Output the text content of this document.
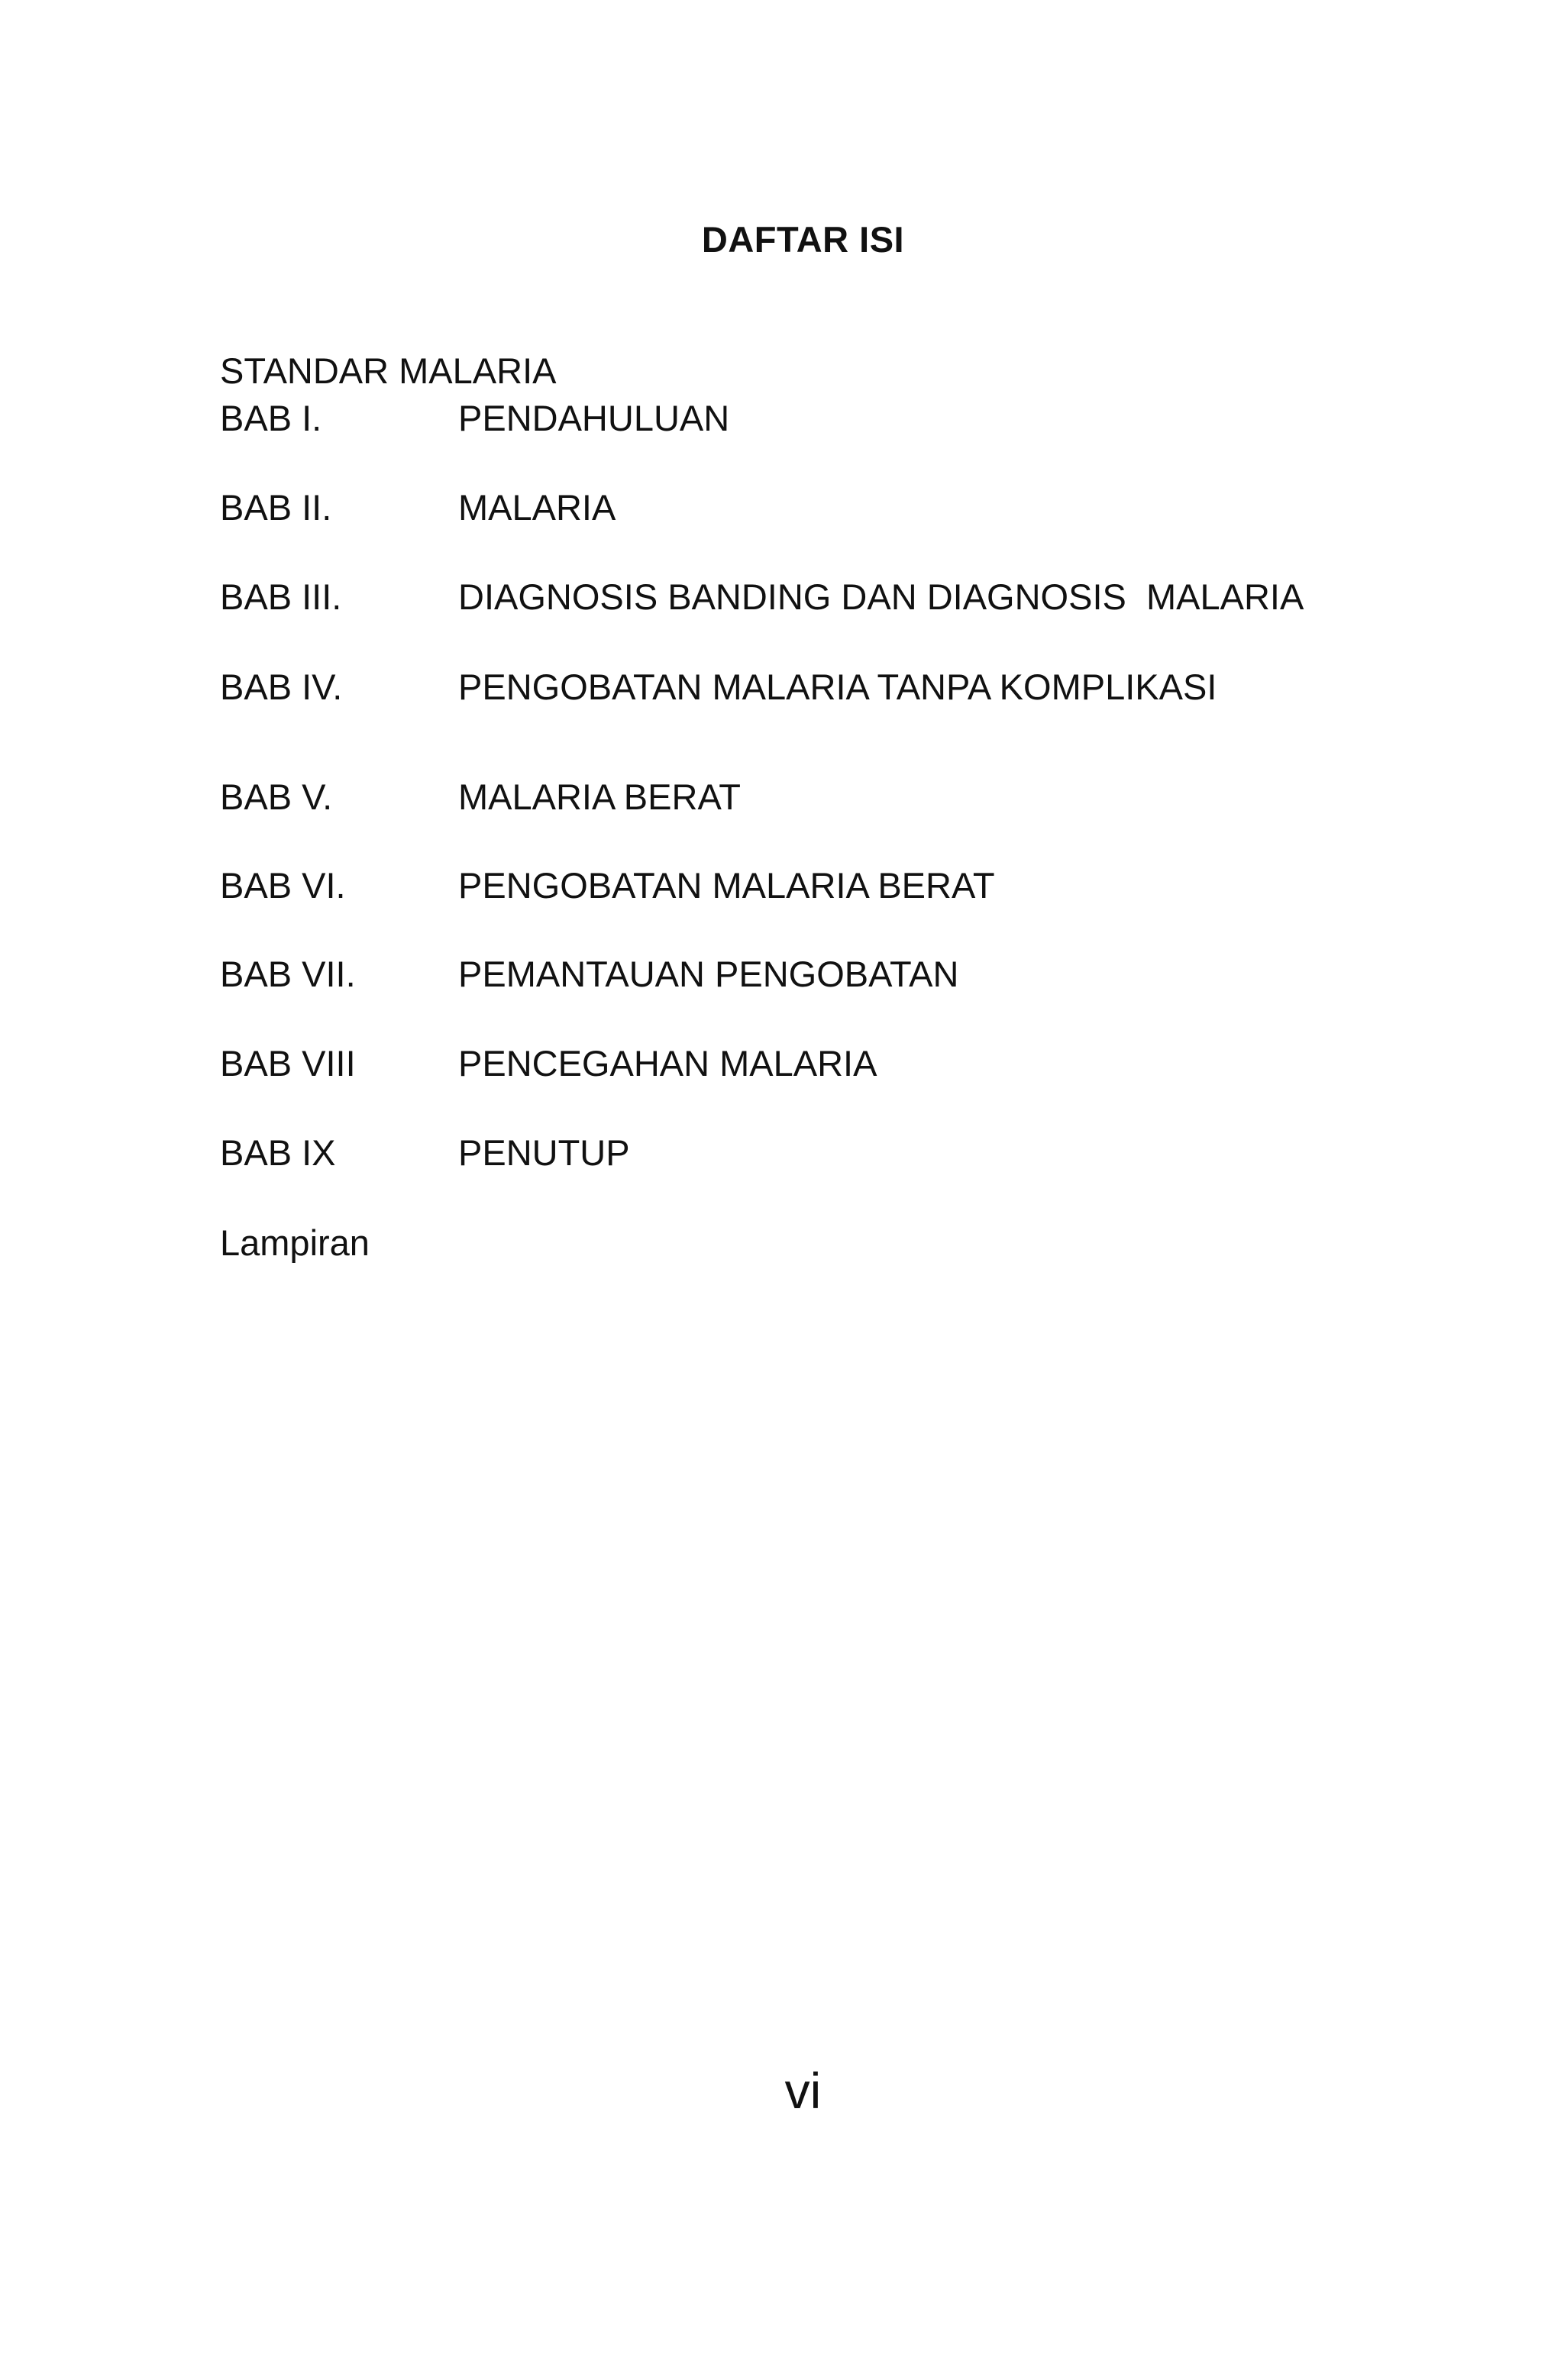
DAFTAR ISI
STANDAR MALARIA
BAB I.	PENDAHULUAN
BAB II.	MALARIA
BAB III.	DIAGNOSIS BANDING DAN DIAGNOSIS  MALARIA
BAB IV.	PENGOBATAN MALARIA TANPA KOMPLIKASI
BAB V.	MALARIA BERAT
BAB VI.	PENGOBATAN MALARIA BERAT
BAB VII.	PEMANTAUAN PENGOBATAN
BAB VIII	PENCEGAHAN MALARIA
BAB IX	PENUTUP
Lampiran
vi
